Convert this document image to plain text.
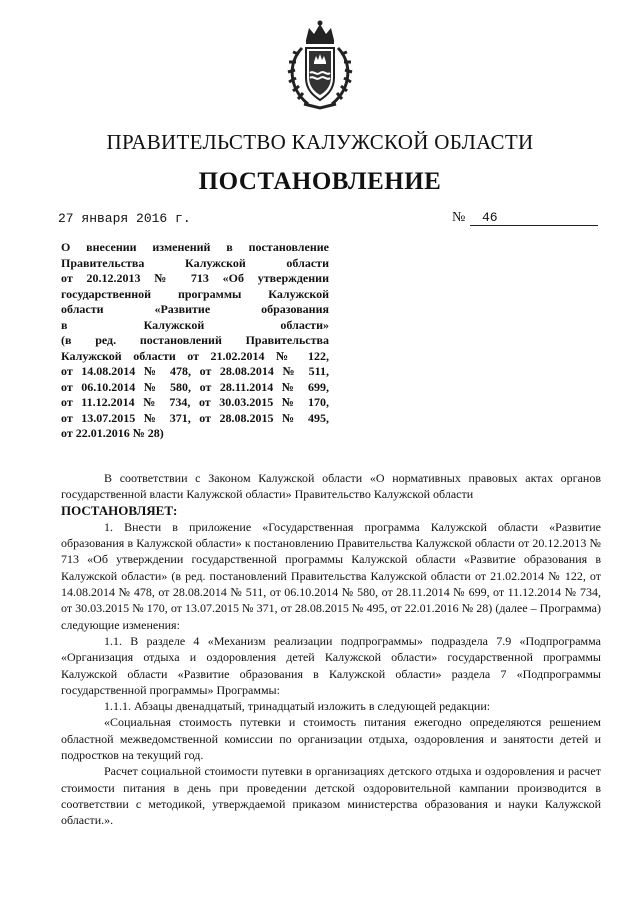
ПРАВИТЕЛЬСТВО КАЛУЖСКОЙ ОБЛАСТИ
ПОСТАНОВЛЕНИЕ
27 января 2016 г.	№	46
О внесении изменений в постановление
Правительства Калужской области
от 20.12.2013 № 713 «Об утверждении
государственной программы Калужской
области «Развитие образования
в Калужской области»
(в ред. постановлений Правительства
Калужской области от 21.02.2014 № 122,
от 14.08.2014 № 478, от 28.08.2014 № 511,
от 06.10.2014 № 580, от 28.11.2014 № 699,
от 11.12.2014 № 734, от 30.03.2015 № 170,
от 13.07.2015 № 371, от 28.08.2015 № 495,
от 22.01.2016 № 28)

В соответствии с Законом Калужской области «О нормативных правовых актах органов государственной власти Калужской области» Правительство Калужской области

ПОСТАНОВЛЯЕТ:

1. Внести в приложение «Государственная программа Калужской области «Развитие образования в Калужской области» к постановлению Правительства Калужской области от 20.12.2013 № 713 «Об утверждении государственной программы Калужской области «Развитие образования в Калужской области» (в ред. постановлений Правительства Калужской области от 21.02.2014 № 122, от 14.08.2014 № 478, от 28.08.2014 № 511, от 06.10.2014 № 580, от 28.11.2014 № 699, от 11.12.2014 № 734, от 30.03.2015 № 170, от 13.07.2015 № 371, от 28.08.2015 № 495, от 22.01.2016 № 28) (далее – Программа) следующие изменения:

1.1. В разделе 4 «Механизм реализации подпрограммы» подраздела 7.9 «Подпрограмма «Организация отдыха и оздоровления детей Калужской области» государственной программы Калужской области «Развитие образования в Калужской области» раздела 7 «Подпрограммы государственной программы» Программы:

1.1.1. Абзацы двенадцатый, тринадцатый изложить в следующей редакции:

«Социальная стоимость путевки и стоимость питания ежегодно определяются решением областной межведомственной комиссии по организации отдыха, оздоровления и занятости детей и подростков на текущий год.

Расчет социальной стоимости путевки в организациях детского отдыха и оздоровления и расчет стоимости питания в день при проведении детской оздоровительной кампании производится в соответствии с методикой, утверждаемой приказом министерства образования и науки Калужской области.».
